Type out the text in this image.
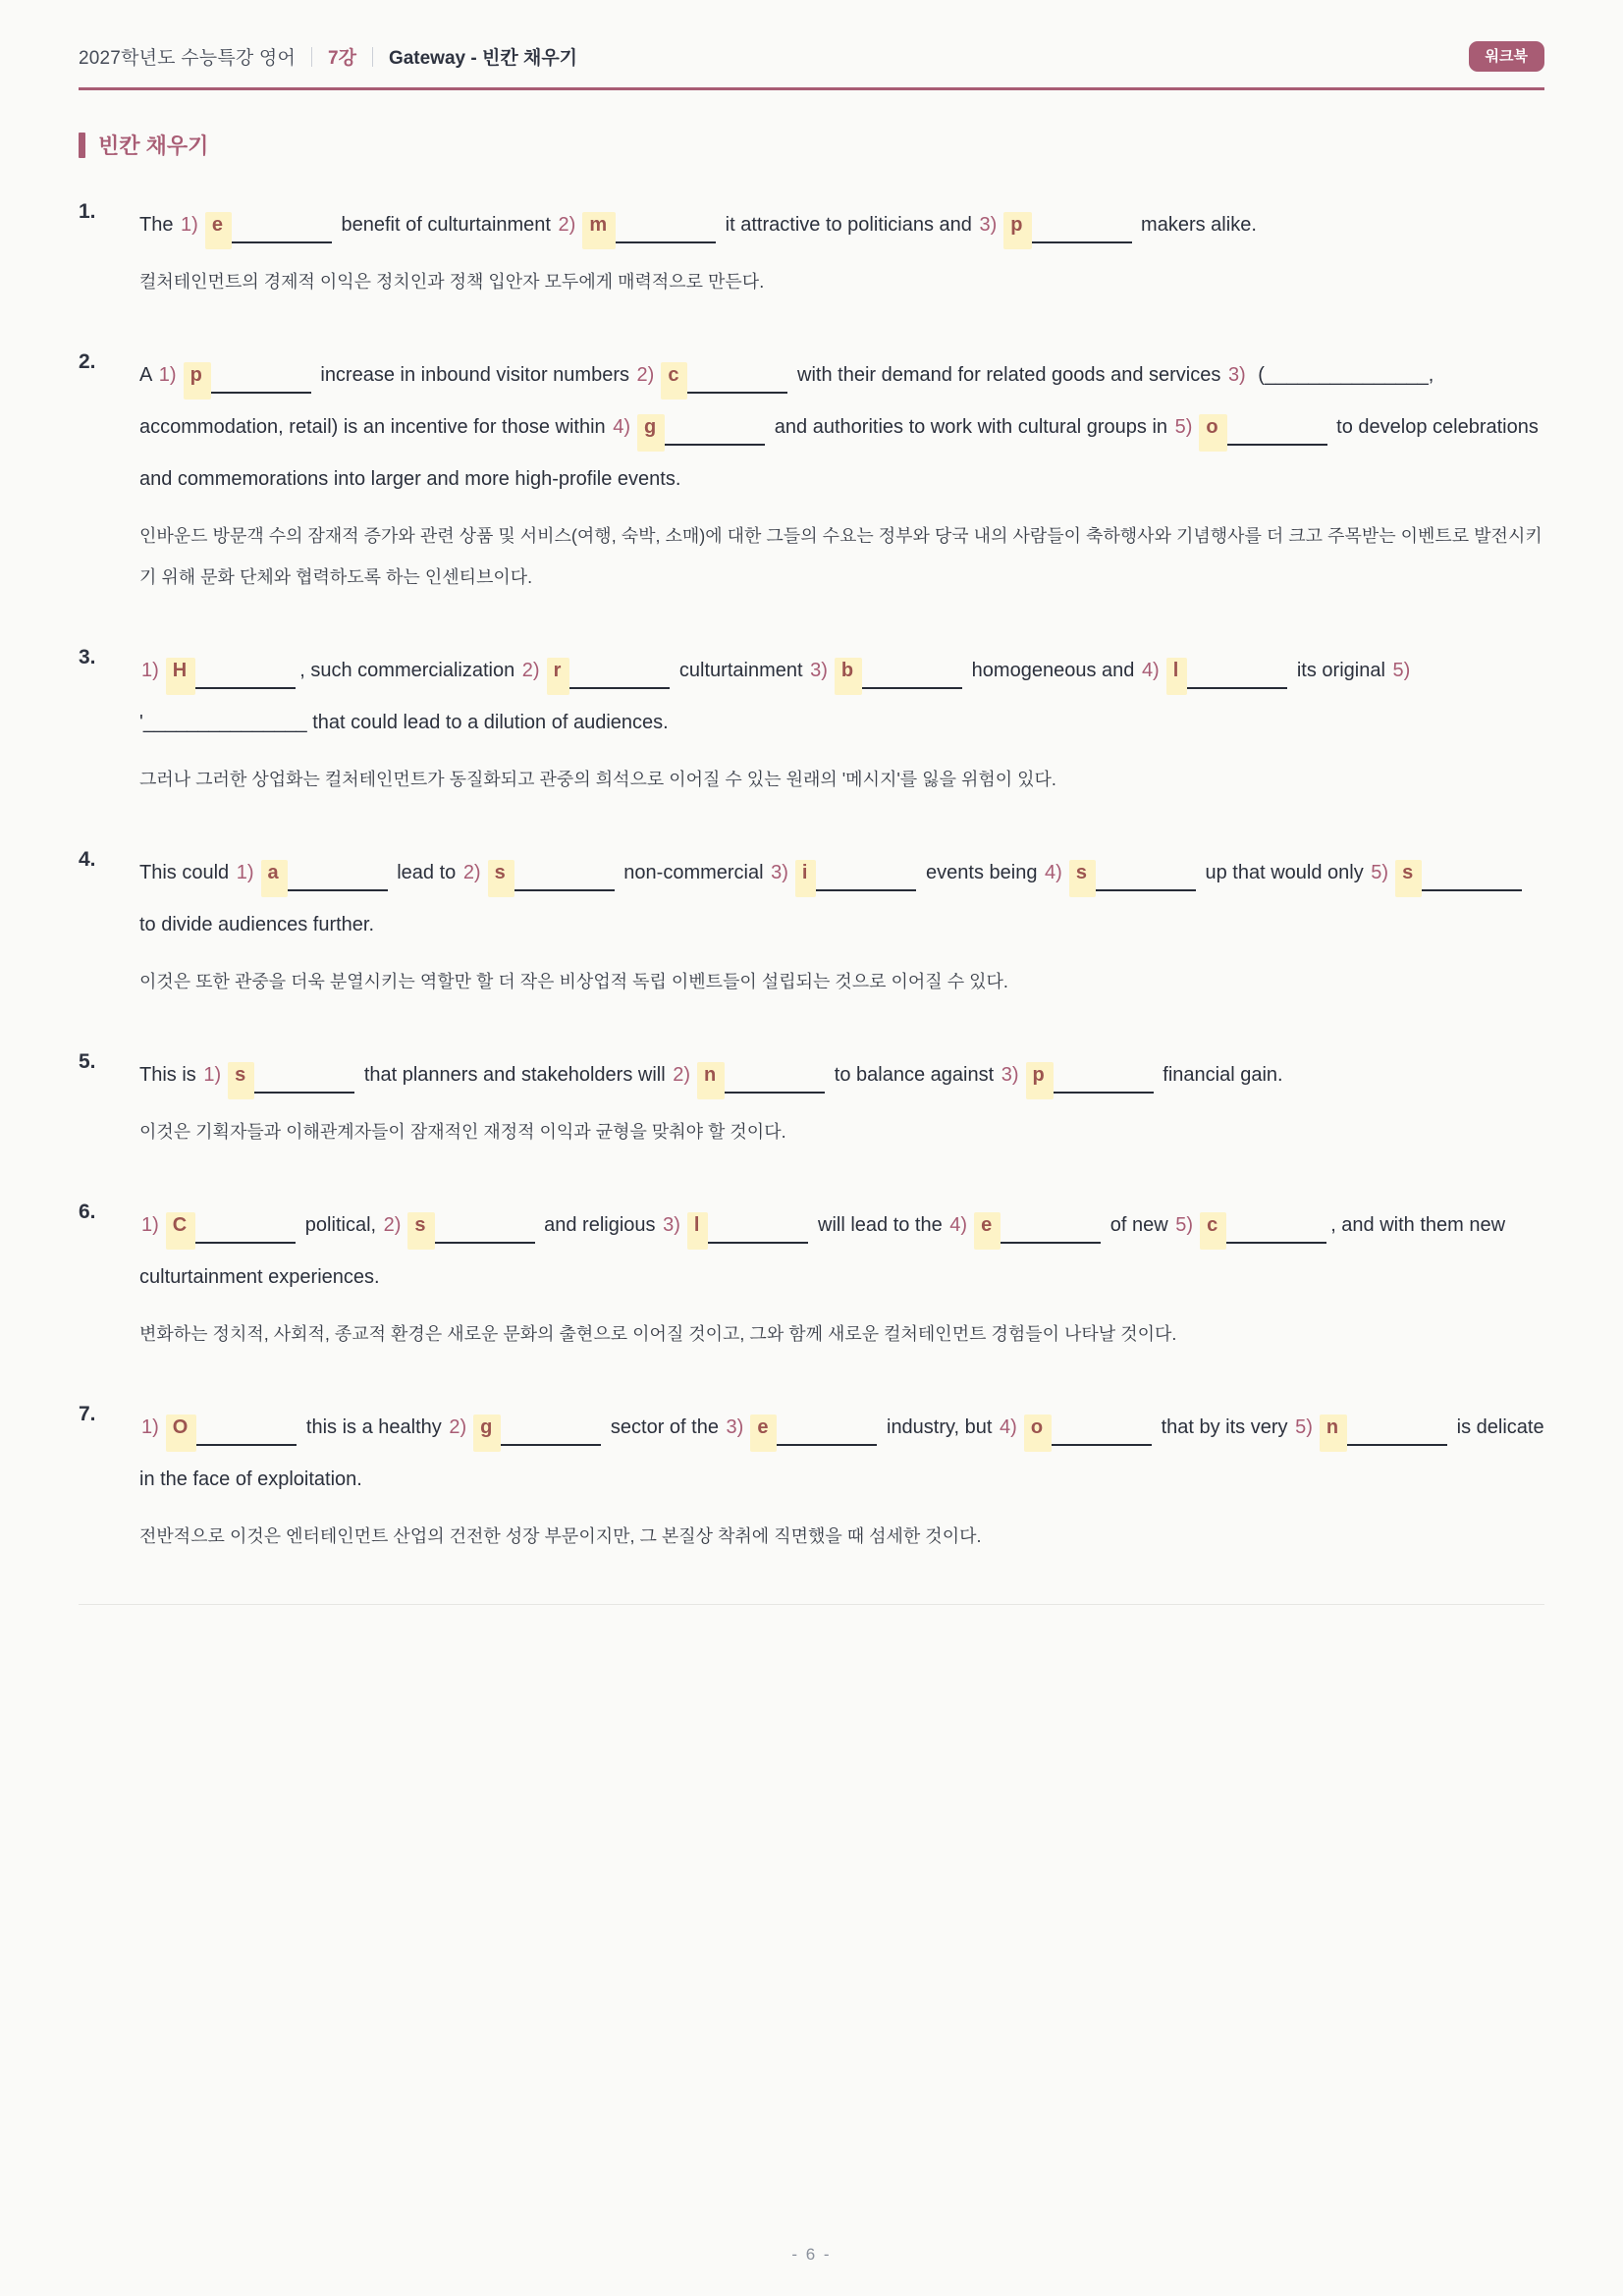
2027학년도 수능특강 영어 7강 Gateway - 빈칸 채우기	워크북
빈칸 채우기
1.

The 1) e	benefit of culturtainment 2) m	it attractive to politicians and 3) p	makers alike.

컬처테인먼트의 경제적 이익은 정치인과 정책 입안자 모두에게 매력적으로 만든다.

2.

A 1) p	increase in inbound visitor numbers 2) c	with their demand for related goods and services 3) (_______________, accommodation, retail) is an incentive for those within 4) g	and authorities to work with cultural groups in 5) o	to develop celebrations and commemorations into larger and more high-profile events.

인바운드 방문객 수의 잠재적 증가와 관련 상품 및 서비스(여행, 숙박, 소매)에 대한 그들의 수요는 정부와 당국 내의 사람들이 축하행사와 기념행사를 더 크고 주목받는 이벤트로 발전시키기 위해 문화 단체와 협력하도록 하는 인센티브이다.

3.

1) H	, such commercialization 2) r	culturtainment 3) b	homogeneous and 4) l	its original 5) '_______________ that could lead to a dilution of audiences.

그러나 그러한 상업화는 컬처테인먼트가 동질화되고 관중의 희석으로 이어질 수 있는 원래의 '메시지'를 잃을 위험이 있다.

4.

This could 1) a	lead to 2) s	non-commercial 3) i	events being 4) s	up that would only 5) s to divide audiences further.

이것은 또한 관중을 더욱 분열시키는 역할만 할 더 작은 비상업적 독립 이벤트들이 설립되는 것으로 이어질 수 있다.

5.

This is 1) s	that planners and stakeholders will 2) n	to balance against 3) p	financial gain.

이것은 기획자들과 이해관계자들이 잠재적인 재정적 이익과 균형을 맞춰야 할 것이다.

6.

1) C	political, 2) s	and religious 3) l	will lead to the 4) e	of new 5) c	, and with them new culturtainment experiences.

변화하는 정치적, 사회적, 종교적 환경은 새로운 문화의 출현으로 이어질 것이고, 그와 함께 새로운 컬처테인먼트 경험들이 나타날 것이다.

7.

1) O	this is a healthy 2) g	sector of the 3) e	industry, but 4) o	that by its very 5) n	is delicate in the face of exploitation.

전반적으로 이것은 엔터테인먼트 산업의 건전한 성장 부문이지만, 그 본질상 착취에 직면했을 때 섬세한 것이다.

- 6 -
